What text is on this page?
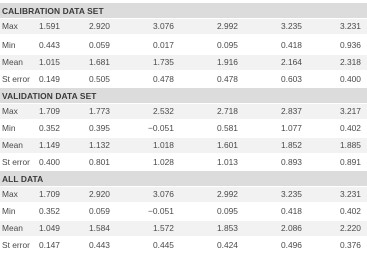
CALIBRATION DATA SET
Max	1.591	2.920	3.076	2.992	3.235	3.231
Min	0.443	0.059	0.017	0.095	0.418	0.936
Mean 1.015	1.681	1.735	1.916	2.164	2.318
St error 0.149	0.505	0.478	0.478	0.603	0.400
VALIDATION DATA SET
Max	1.709	1.773	2.532	2.718	2.837	3.217
Min	0.352	0.395	−0.051	0.581	1.077	0.402
Mean 1.149	1.132	1.018	1.601	1.852	1.885
St error 0.400	0.801	1.028	1.013	0.893	0.891
ALL DATA
Max	1.709	2.920	3.076	2.992	3.235	3.231
Min	0.352	0.059	−0.051	0.095	0.418	0.402
Mean 1.049	1.584	1.572	1.853	2.086	2.220
St error 0.147	0.443	0.445	0.424	0.496	0.376
